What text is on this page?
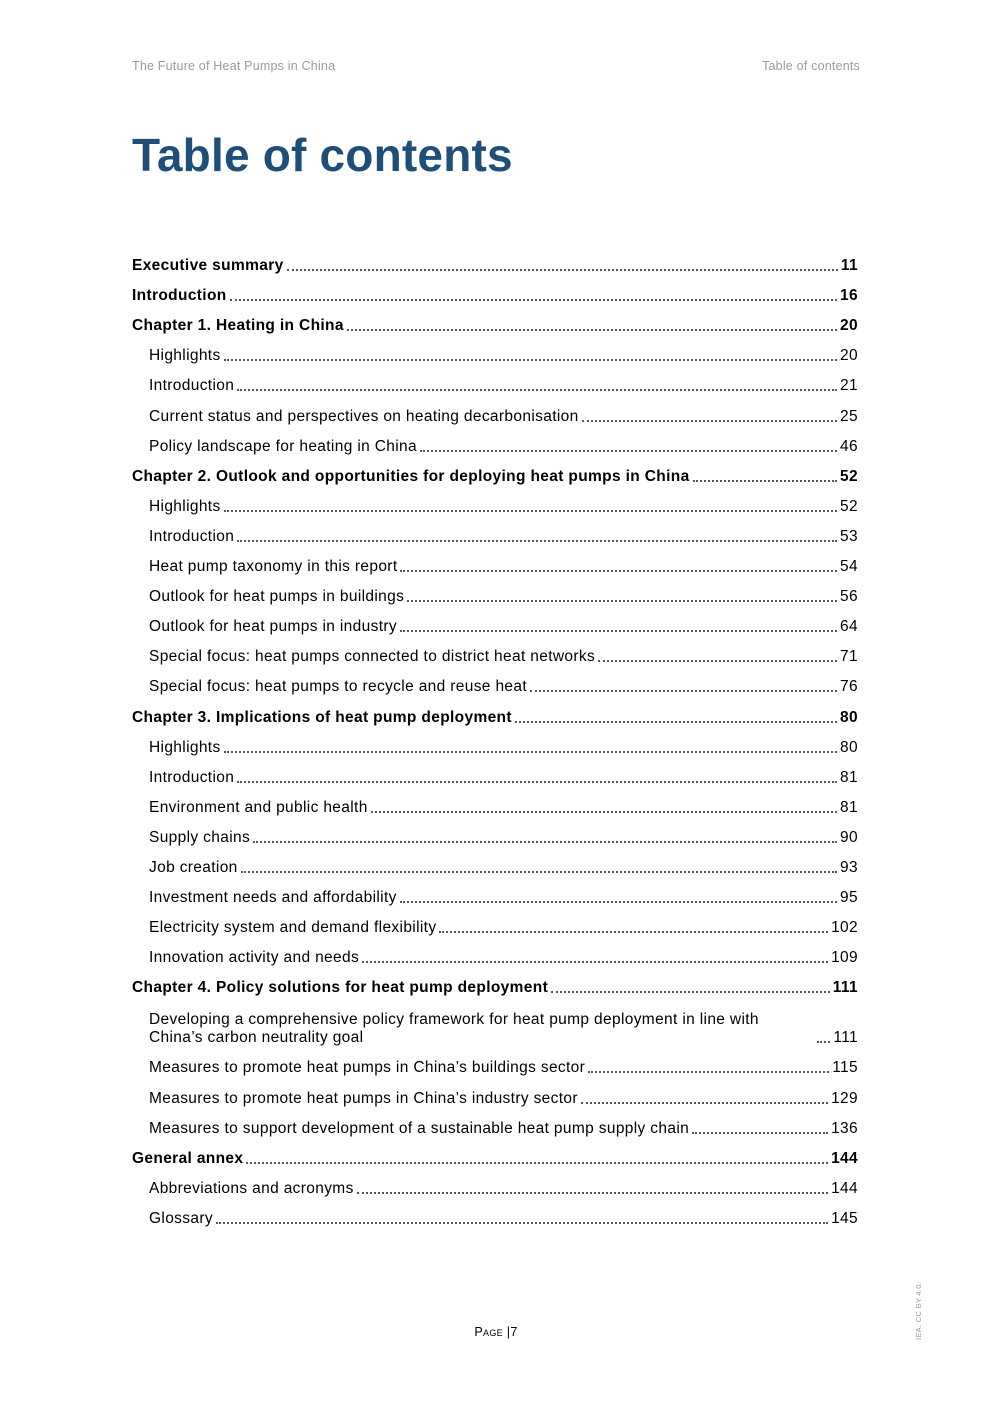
The Future of Heat Pumps in China	Table of contents
Table of contents
Executive summary	11
Introduction	16
Chapter 1. Heating in China	20
Highlights	20
Introduction	21
Current status and perspectives on heating decarbonisation	25
Policy landscape for heating in China	46
Chapter 2. Outlook and opportunities for deploying heat pumps in China	52
Highlights	52
Introduction	53
Heat pump taxonomy in this report	54
Outlook for heat pumps in buildings	56
Outlook for heat pumps in industry	64
Special focus: heat pumps connected to district heat networks	71
Special focus: heat pumps to recycle and reuse heat	76
Chapter 3. Implications of heat pump deployment	80
Highlights	80
Introduction	81
Environment and public health	81
Supply chains	90
Job creation	93
Investment needs and affordability	95
Electricity system and demand flexibility	102
Innovation activity and needs	109
Chapter 4. Policy solutions for heat pump deployment	111
Developing a comprehensive policy framework for heat pump deployment in line with China’s carbon neutrality goal	111
Measures to promote heat pumps in China’s buildings sector	115
Measures to promote heat pumps in China’s industry sector	129
Measures to support development of a sustainable heat pump supply chain	136
General annex	144
Abbreviations and acronyms	144
Glossary	145
Page |7	IEA. CC BY 4.0.
